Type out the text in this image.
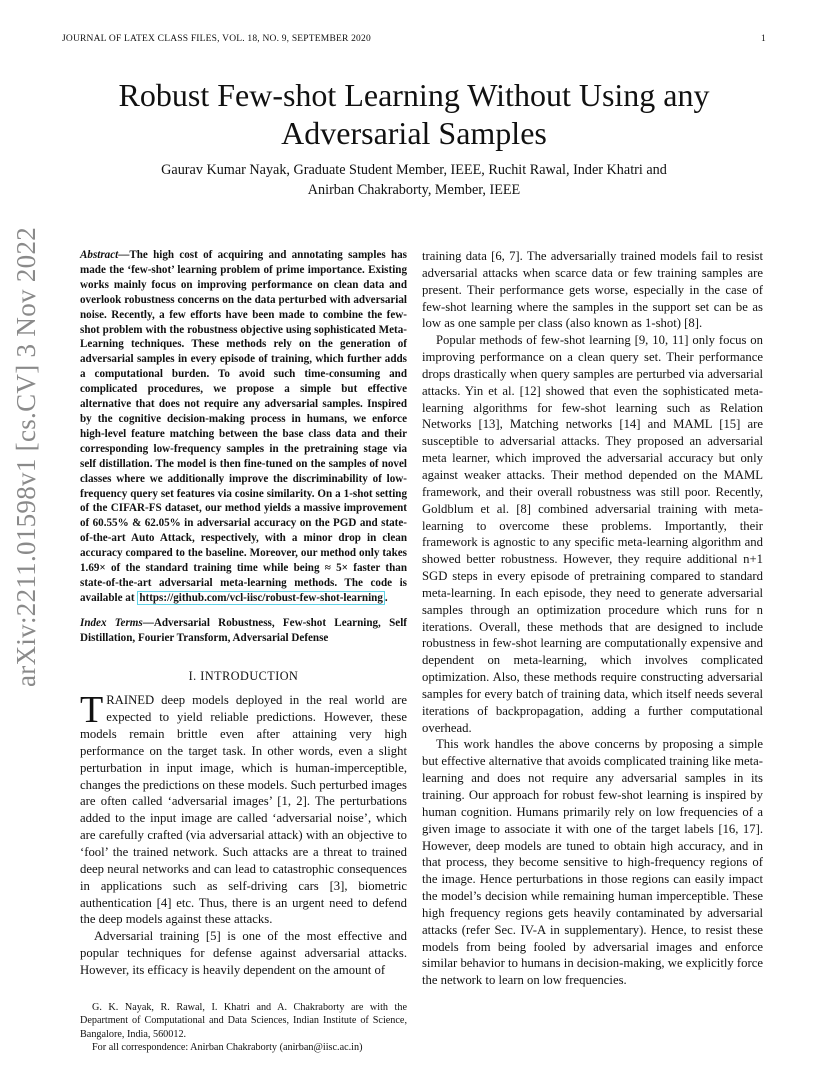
JOURNAL OF LATEX CLASS FILES, VOL. 18, NO. 9, SEPTEMBER 2020	1
arXiv:2211.01598v1 [cs.CV] 3 Nov 2022
Robust Few-shot Learning Without Using any Adversarial Samples
Gaurav Kumar Nayak, Graduate Student Member, IEEE, Ruchit Rawal, Inder Khatri and
Anirban Chakraborty, Member, IEEE
Abstract—The high cost of acquiring and annotating samples has made the ‘few-shot’ learning problem of prime importance. Existing works mainly focus on improving performance on clean data and overlook robustness concerns on the data perturbed with adversarial noise. Recently, a few efforts have been made to combine the few-shot problem with the robustness objective using sophisticated Meta-Learning techniques. These methods rely on the generation of adversarial samples in every episode of training, which further adds a computational burden. To avoid such time-consuming and complicated procedures, we propose a simple but effective alternative that does not require any adversarial samples. Inspired by the cognitive decision-making process in humans, we enforce high-level feature matching between the base class data and their corresponding low-frequency samples in the pretraining stage via self distillation. The model is then fine-tuned on the samples of novel classes where we additionally improve the discriminability of low-frequency query set features via cosine similarity. On a 1-shot setting of the CIFAR-FS dataset, our method yields a massive improvement of 60.55% & 62.05% in adversarial accuracy on the PGD and state-of-the-art Auto Attack, respectively, with a minor drop in clean accuracy compared to the baseline. Moreover, our method only takes 1.69× of the standard training time while being ≈ 5× faster than state-of-the-art adversarial meta-learning methods. The code is available at https://github.com/vcl-iisc/robust-few-shot-learning .
Index Terms—Adversarial Robustness, Few-shot Learning, Self Distillation, Fourier Transform, Adversarial Defense
I. INTRODUCTION

TRAINED deep models deployed in the real world are expected to yield reliable predictions. However, these models remain brittle even after attaining very high performance on the target task. In other words, even a slight perturbation in input image, which is human-imperceptible, changes the predictions on these models. Such perturbed images are often called ‘adversarial images’ [1, 2]. The perturbations added to the input image are called ‘adversarial noise’, which are carefully crafted (via adversarial attack) with an objective to ‘fool’ the trained network. Such attacks are a threat to trained deep neural networks and can lead to catastrophic consequences in applications such as self-driving cars [3], biometric authentication [4] etc. Thus, there is an urgent need to defend the deep models against these attacks.

Adversarial training [5] is one of the most effective and popular techniques for defense against adversarial attacks. However, its efficacy is heavily dependent on the amount of

G. K. Nayak, R. Rawal, I. Khatri and A. Chakraborty are with the Department of Computational and Data Sciences, Indian Institute of Science, Bangalore, India, 560012.

For all correspondence: Anirban Chakraborty (anirban@iisc.ac.in)

training data [6, 7]. The adversarially trained models fail to resist adversarial attacks when scarce data or few training samples are present. Their performance gets worse, especially in the case of few-shot learning where the samples in the support set can be as low as one sample per class (also known as 1-shot) [8].

Popular methods of few-shot learning [9, 10, 11] only focus on improving performance on a clean query set. Their performance drops drastically when query samples are perturbed via adversarial attacks. Yin et al. [12] showed that even the sophisticated meta-learning algorithms for few-shot learning such as Relation Networks [13], Matching networks [14] and MAML [15] are susceptible to adversarial attacks. They proposed an adversarial meta learner, which improved the adversarial accuracy but only against weaker attacks. Their method depended on the MAML framework, and their overall robustness was still poor. Recently, Goldblum et al. [8] combined adversarial training with meta-learning to overcome these problems. Importantly, their framework is agnostic to any specific meta-learning algorithm and showed better robustness. However, they require additional n+1 SGD steps in every episode of pretraining compared to standard meta-learning. In each episode, they need to generate adversarial samples through an optimization procedure which runs for n iterations. Overall, these methods that are designed to include robustness in few-shot learning are computationally expensive and dependent on meta-learning, which involves complicated optimization. Also, these methods require constructing adversarial samples for every batch of training data, which itself needs several iterations of backpropagation, adding a further computational overhead.

This work handles the above concerns by proposing a simple but effective alternative that avoids complicated training like meta-learning and does not require any adversarial samples in its training. Our approach for robust few-shot learning is inspired by human cognition. Humans primarily rely on low frequencies of a given image to associate it with one of the target labels [16, 17]. However, deep models are tuned to obtain high accuracy, and in that process, they become sensitive to high-frequency regions of the image. Hence perturbations in those regions can easily impact the model’s decision while remaining human imperceptible. These high frequency regions gets heavily contaminated by adversarial attacks (refer Sec. IV-A in supplementary). Hence, to resist these models from being fooled by adversarial images and enforce similar behavior to humans in decision-making, we explicitly force the network to learn on low frequencies.
